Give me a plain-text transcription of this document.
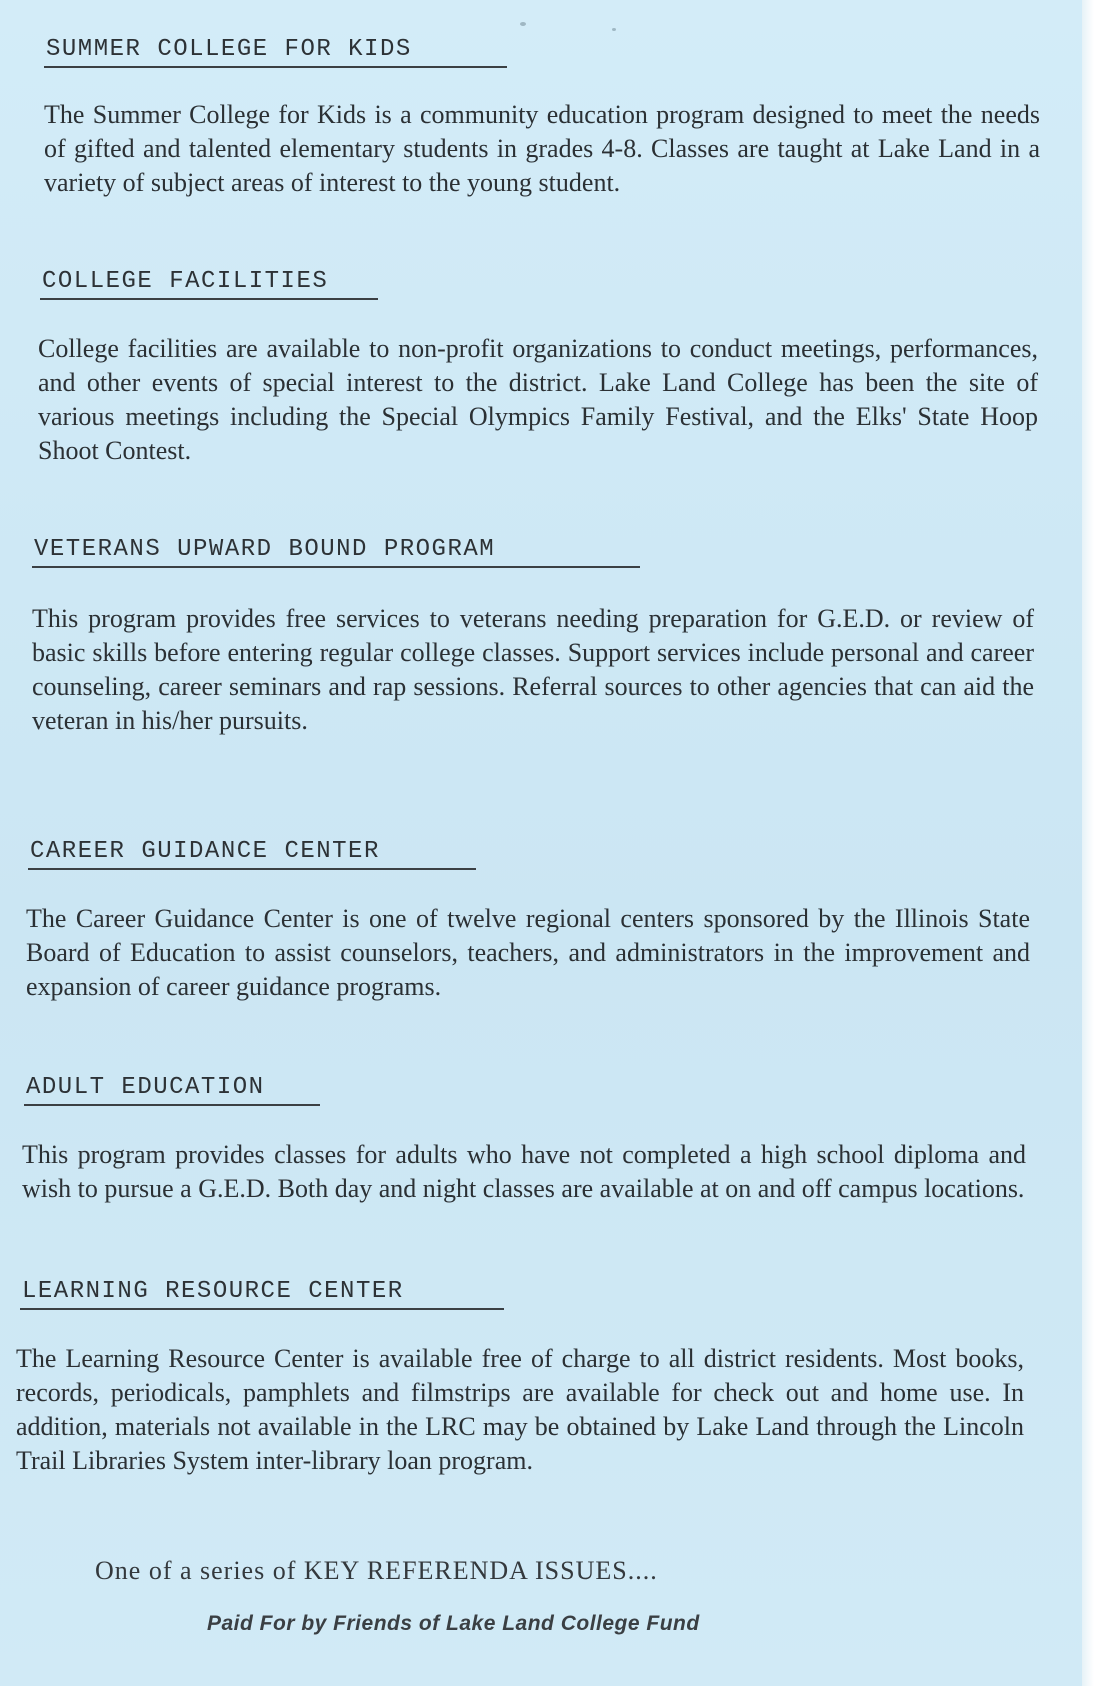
SUMMER COLLEGE FOR KIDS

The Summer College for Kids is a community education program designed to meet the needs of gifted and talented elementary students in grades 4-8. Classes are taught at Lake Land in a variety of subject areas of interest to the young student.

COLLEGE FACILITIES

College facilities are available to non-profit organizations to conduct meetings, performances, and other events of special interest to the district. Lake Land College has been the site of various meetings including the Special Olympics Family Festival, and the Elks' State Hoop Shoot Contest.

VETERANS UPWARD BOUND PROGRAM

This program provides free services to veterans needing preparation for G.E.D. or review of basic skills before entering regular college classes. Support services include personal and career counseling, career seminars and rap sessions. Referral sources to other agencies that can aid the veteran in his/her pursuits.

CAREER GUIDANCE CENTER

The Career Guidance Center is one of twelve regional centers sponsored by the Illinois State Board of Education to assist counselors, teachers, and administrators in the improvement and expansion of career guidance programs.

ADULT EDUCATION

This program provides classes for adults who have not completed a high school diploma and wish to pursue a G.E.D. Both day and night classes are available at on and off campus locations.

LEARNING RESOURCE CENTER

The Learning Resource Center is available free of charge to all district residents. Most books, records, periodicals, pamphlets and filmstrips are available for check out and home use. In addition, materials not available in the LRC may be obtained by Lake Land through the Lincoln Trail Libraries System inter-library loan program.

One of a series of KEY REFERENDA ISSUES....
Paid For by Friends of Lake Land College Fund
